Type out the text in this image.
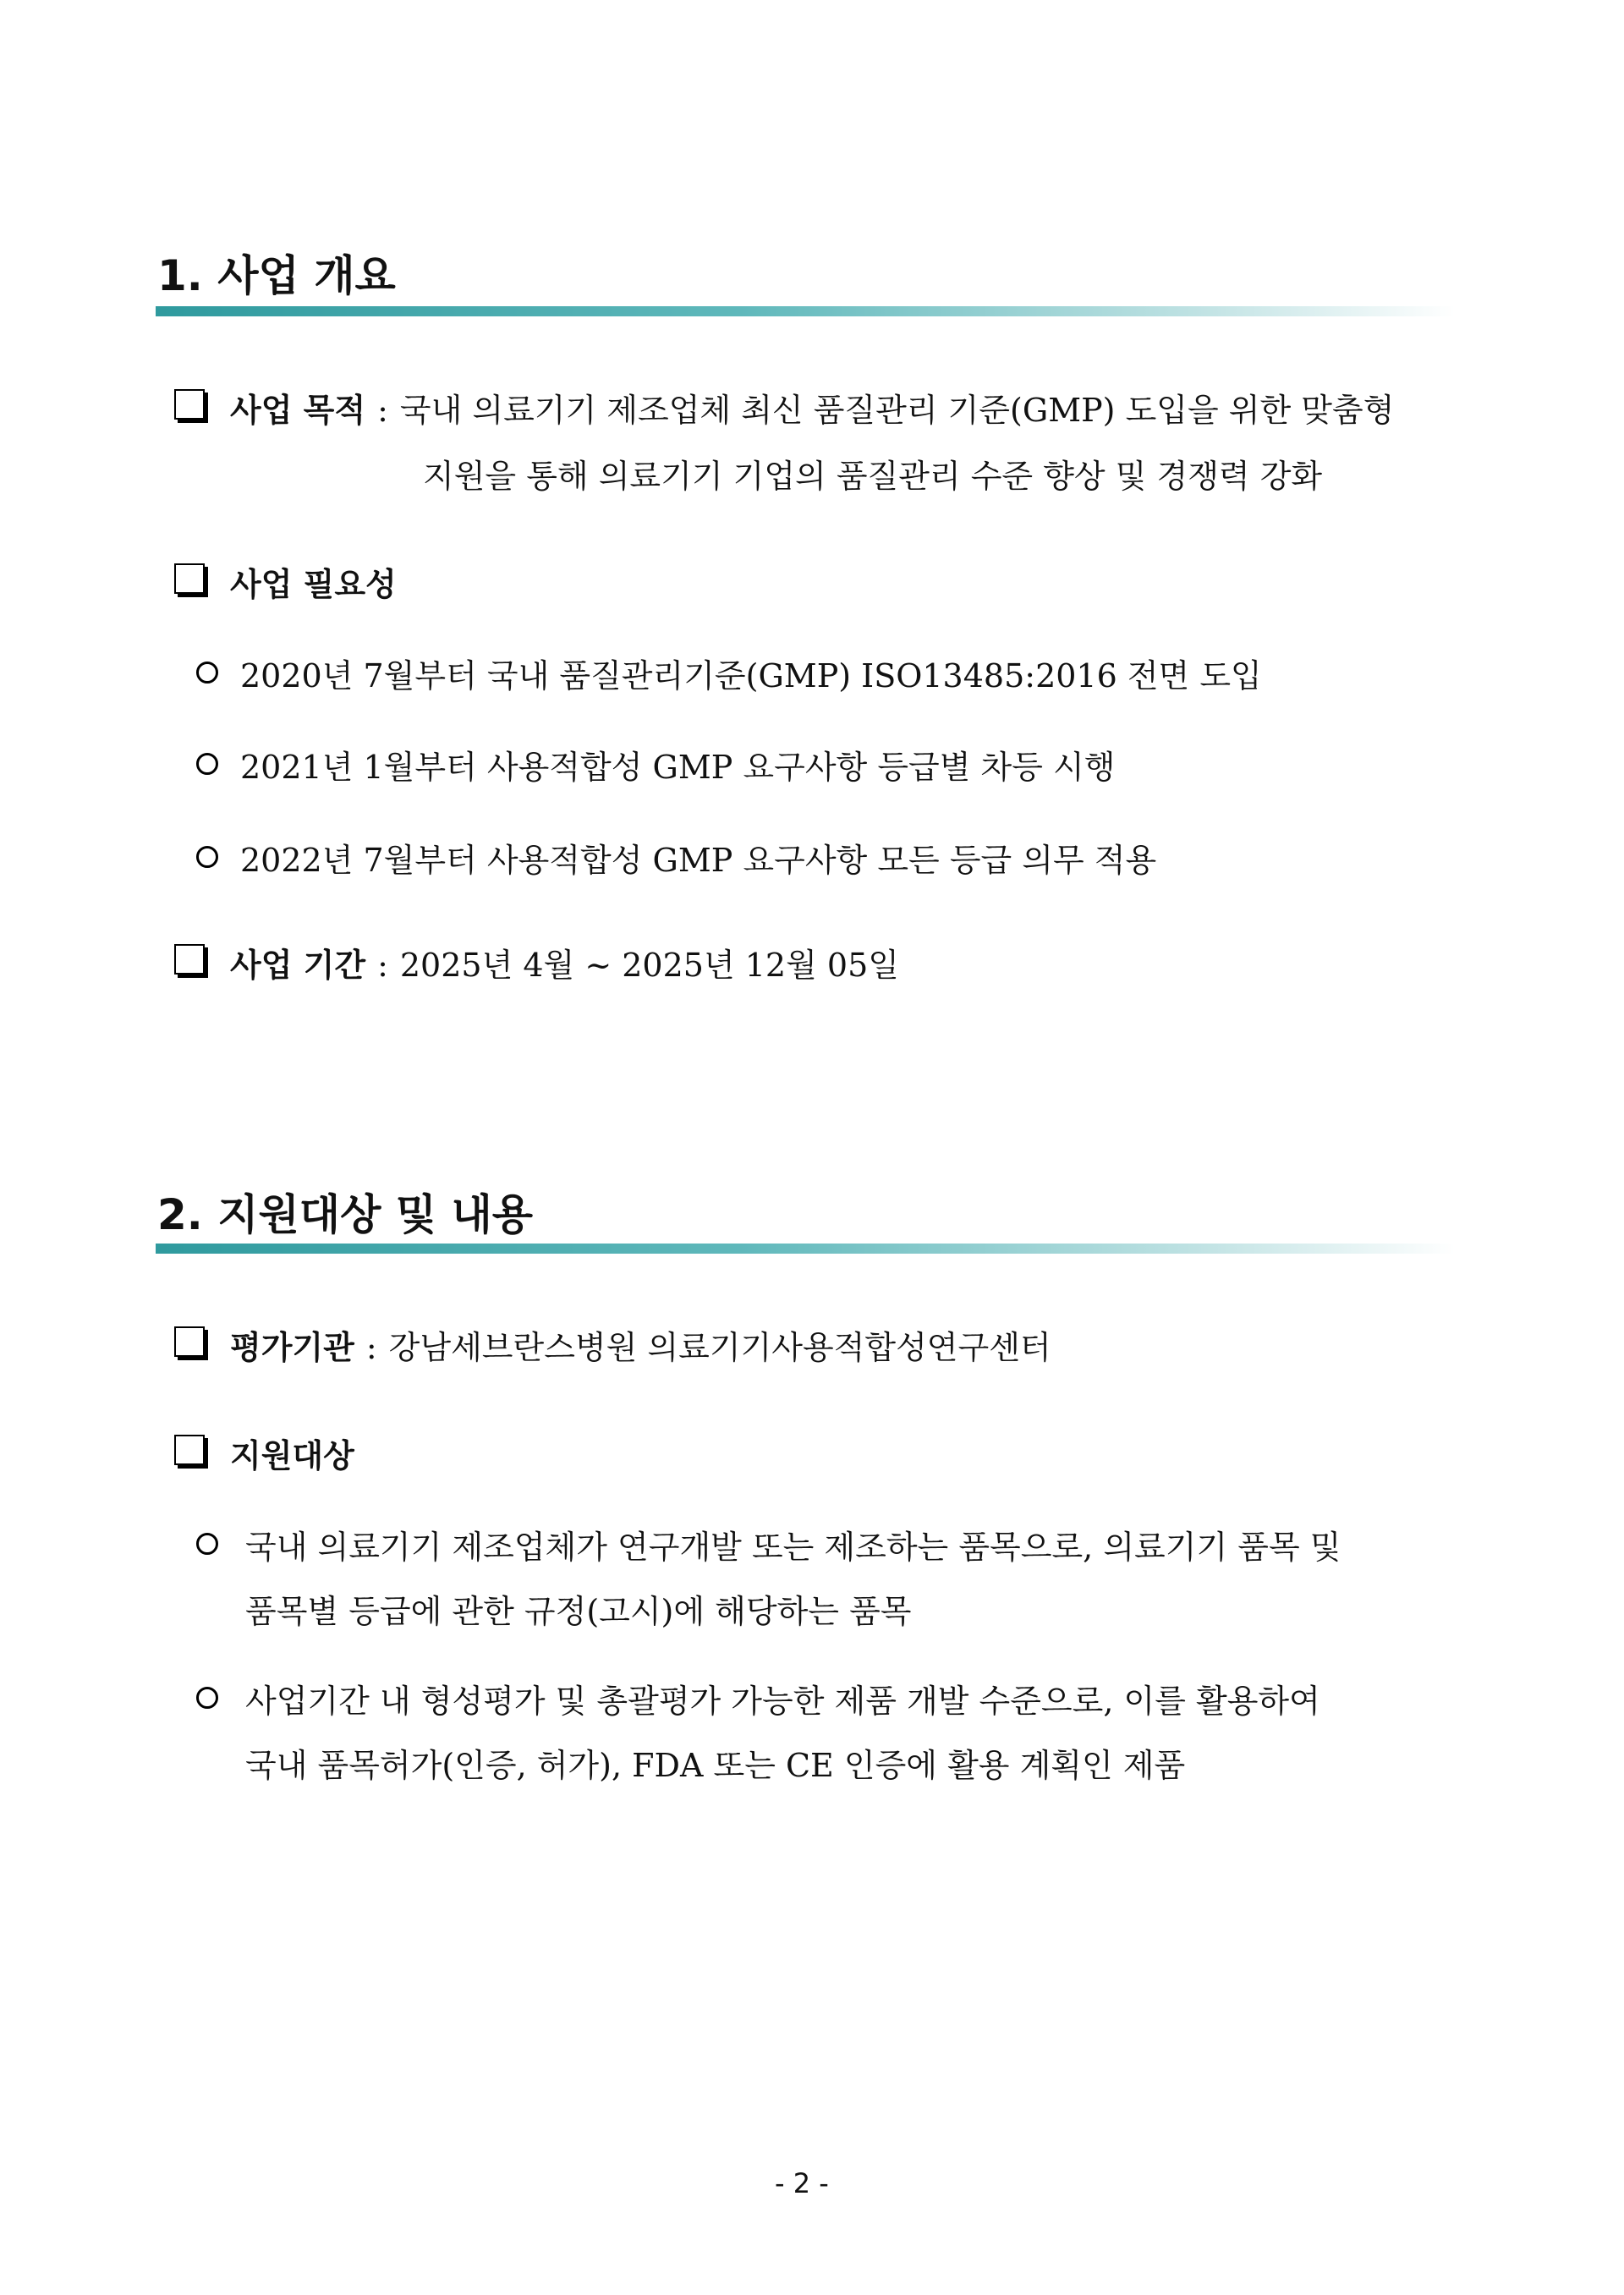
1. 사업 개요
사업 목적 : 국내 의료기기 제조업체 최신 품질관리 기준(GMP) 도입을 위한 맞춤형
지원을 통해 의료기기 기업의 품질관리 수준 향상 및 경쟁력 강화
사업 필요성
2020년 7월부터 국내 품질관리기준(GMP) ISO13485:2016 전면 도입
2021년 1월부터 사용적합성 GMP 요구사항 등급별 차등 시행
2022년 7월부터 사용적합성 GMP 요구사항 모든 등급 의무 적용
사업 기간 : 2025년 4월 ~ 2025년 12월 05일
2. 지원대상 및 내용
평가기관 : 강남세브란스병원 의료기기사용적합성연구센터
지원대상
국내 의료기기 제조업체가 연구개발 또는 제조하는 품목으로, 의료기기 품목 및
품목별 등급에 관한 규정(고시)에 해당하는 품목
사업기간 내 형성평가 및 총괄평가 가능한 제품 개발 수준으로, 이를 활용하여
국내 품목허가(인증, 허가), FDA 또는 CE 인증에 활용 계획인 제품
- 2 -
